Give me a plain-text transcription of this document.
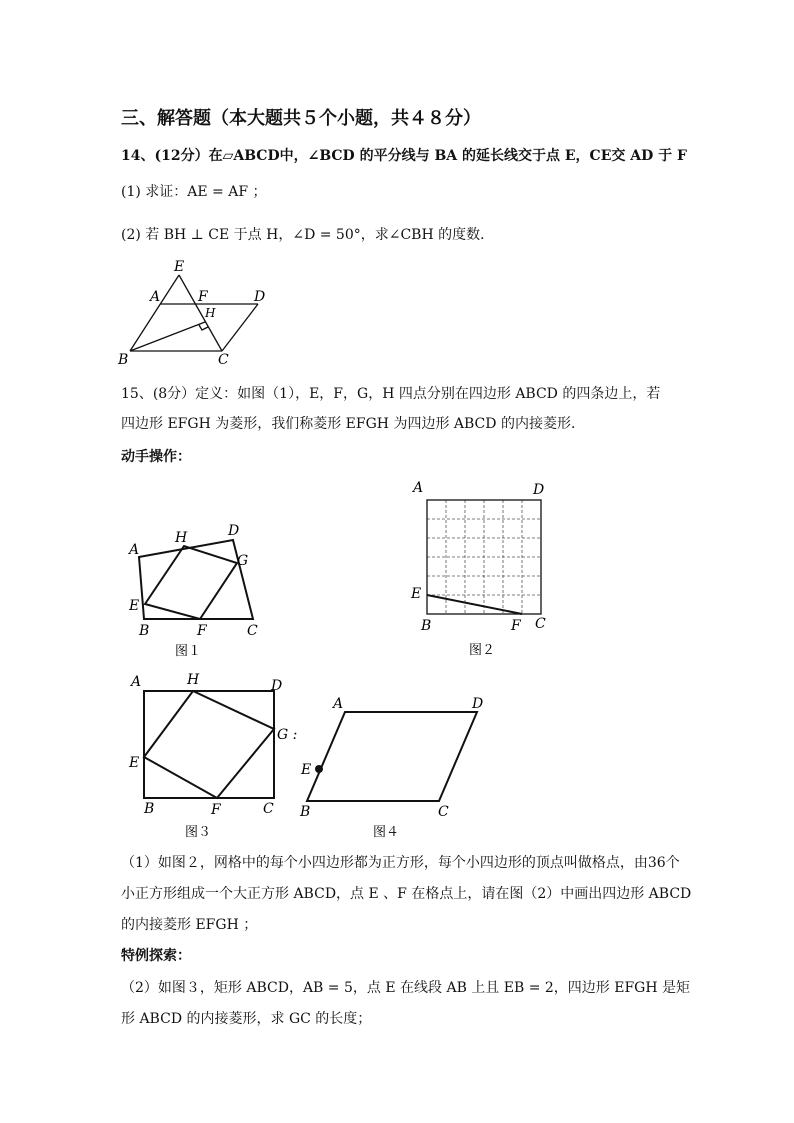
三、解答题（本大题共５个小题，共４８分）
14、(12分）在▱ABCD中，∠BCD 的平分线与 BA 的延长线交于点 E，CE交 AD 于 F
(1) 求证：AE = AF ；
(2) 若 BH ⊥ CE 于点 H，∠D = 50°，求∠CBH 的度数．
E
A	F
H
D
B	C
15、(8分）定义：如图（1），E，F，G，H 四点分别在四边形 ABCD 的四条边上，若
四边形 EFGH 为菱形，我们称菱形 EFGH 为四边形 ABCD 的内接菱形．
动手操作：
A
H	D
G
E
B	F	C
图１
A	D
E
B	F C
图２
A	H	D
G :
E
B	F	C
图３
A	D
E
B	C
图４
（1）如图２，网格中的每个小四边形都为正方形，每个小四边形的顶点叫做格点，由36个
小正方形组成一个大正方形 ABCD，点 E 、F 在格点上，请在图（2）中画出四边形 ABCD
的内接菱形 EFGH ；
特例探索：
（2）如图３，矩形 ABCD，AB = 5，点 E 在线段 AB 上且 EB = 2，四边形 EFGH 是矩
形 ABCD 的内接菱形，求 GC 的长度；
